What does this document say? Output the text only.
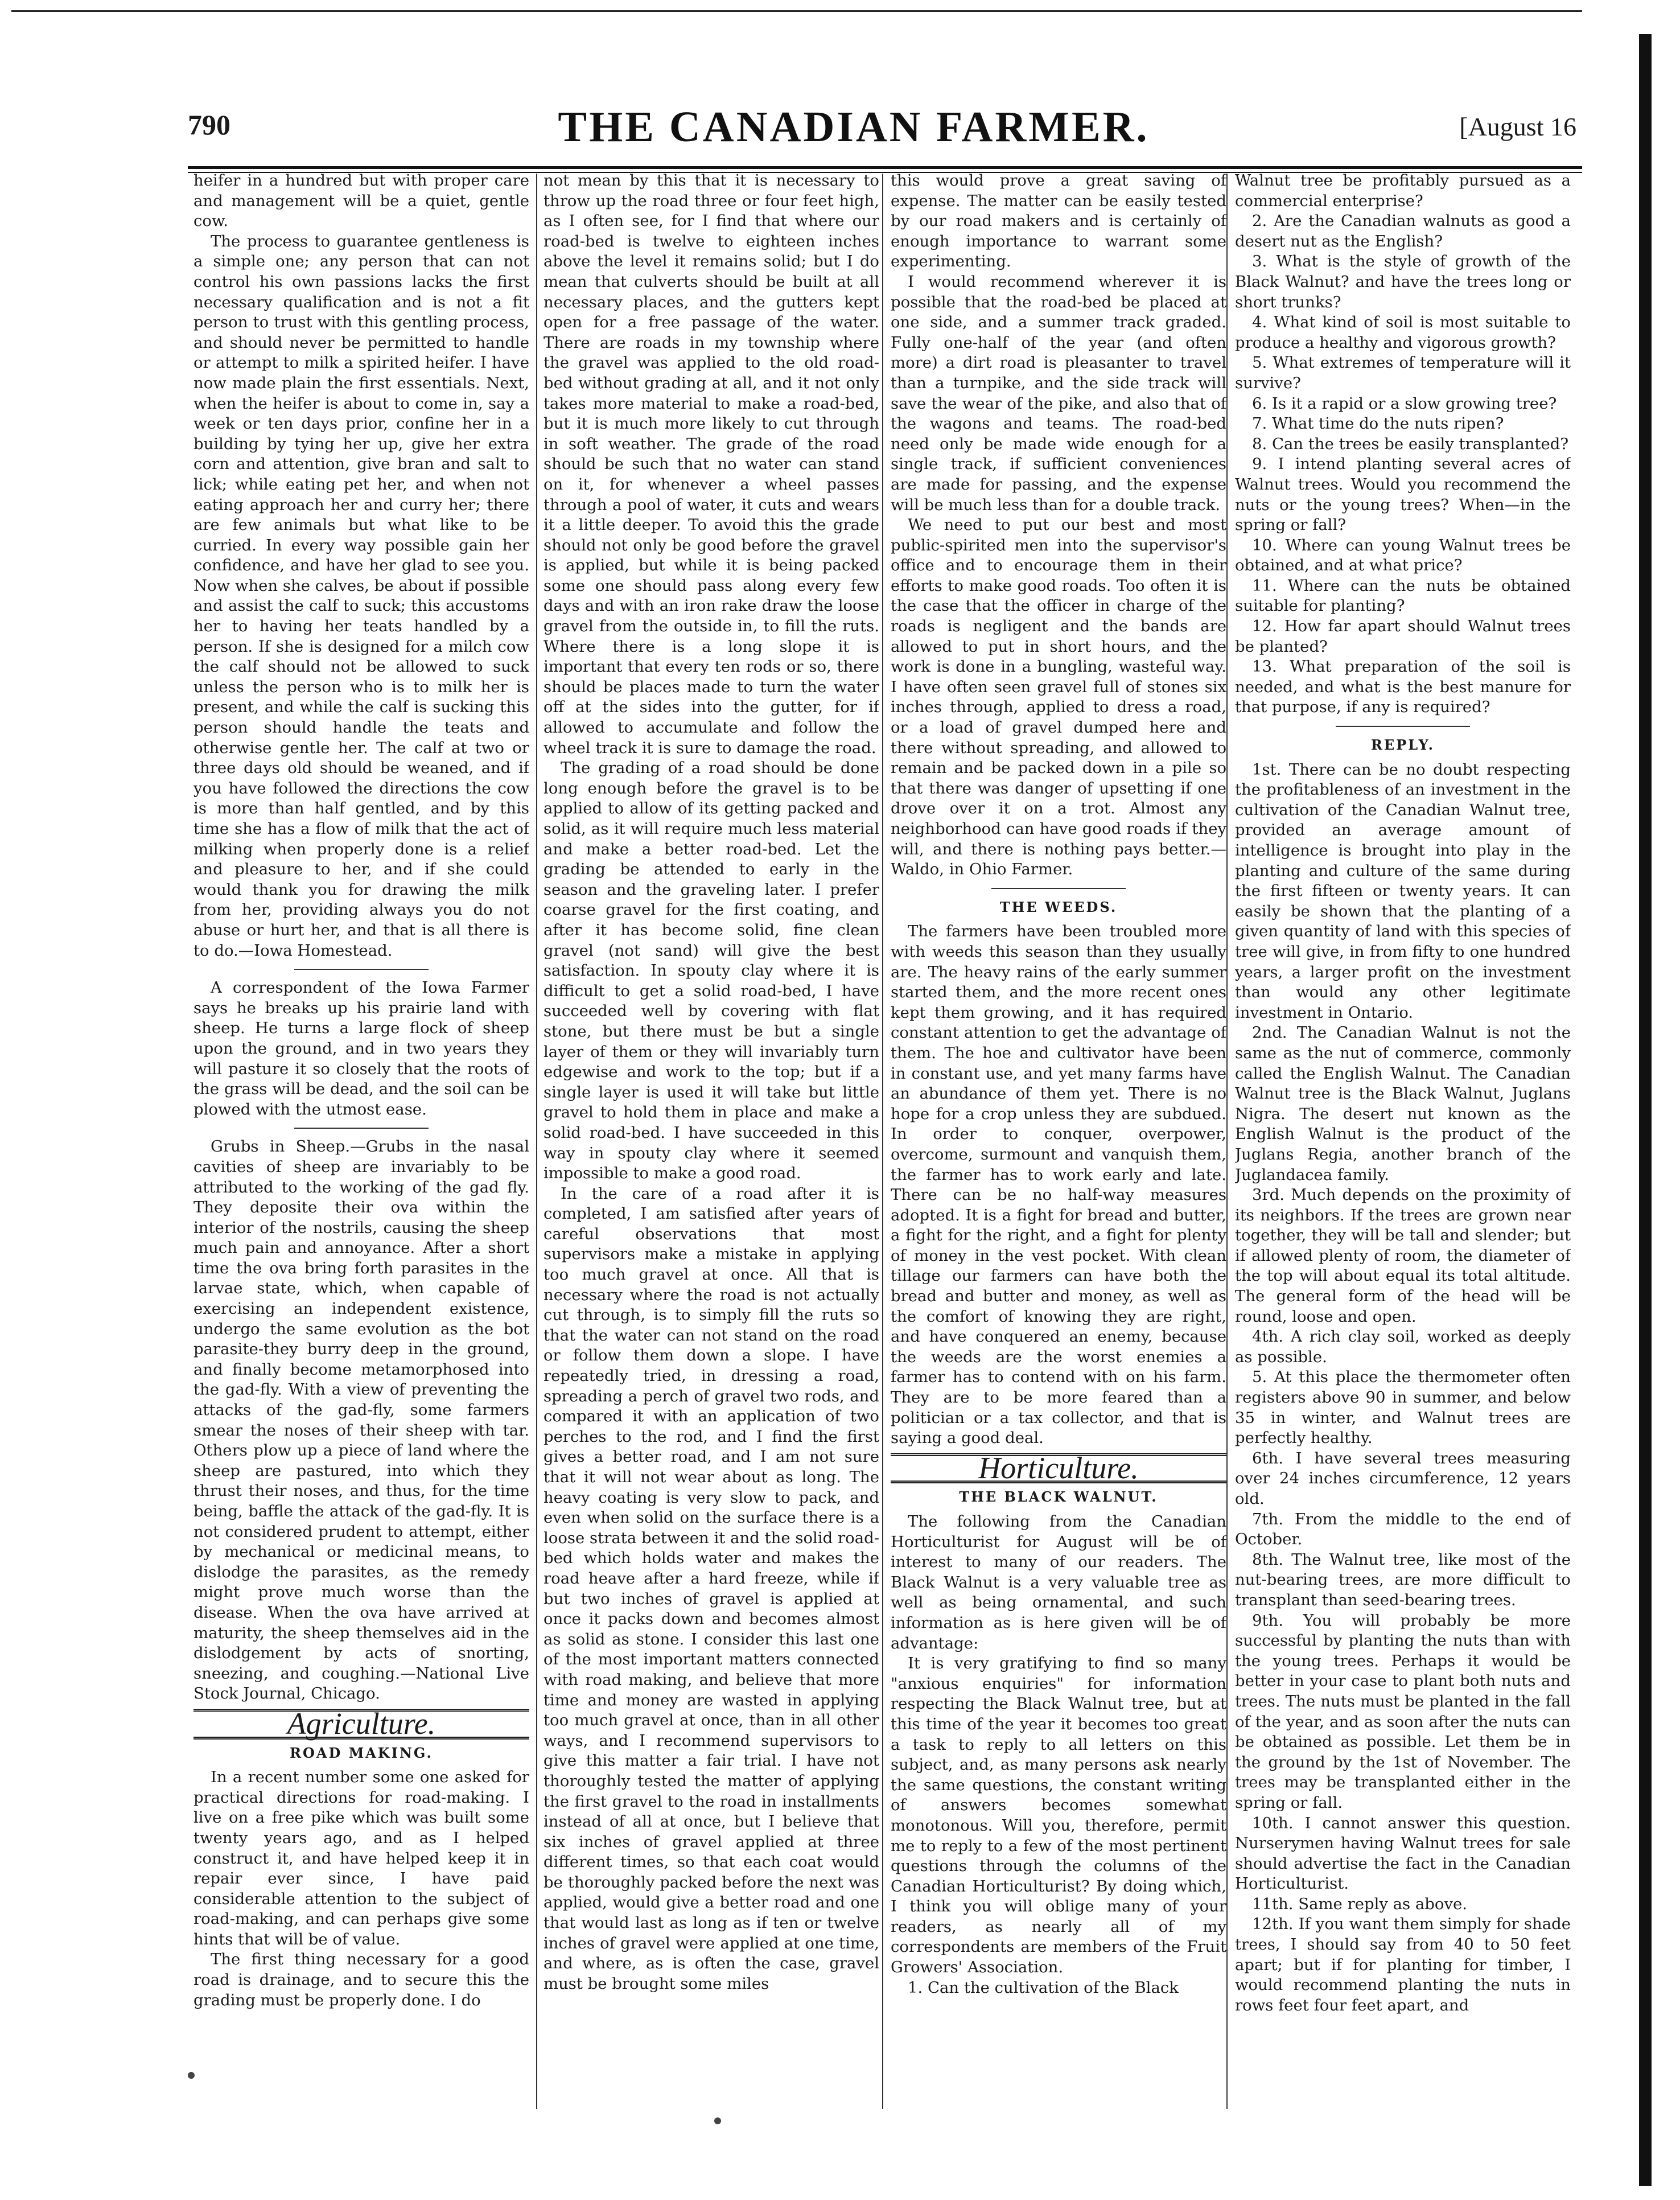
790	THE CANADIAN FARMER.	[August 16

heifer in a hundred but with proper care and management will be a quiet, gentle cow.

The process to guarantee gentleness is a simple one; any person that can not control his own passions lacks the first necessary qualification and is not a fit person to trust with this gentling process, and should never be permitted to handle or attempt to milk a spirited heifer. I have now made plain the first essentials. Next, when the heifer is about to come in, say a week or ten days prior, confine her in a building by tying her up, give her extra corn and attention, give bran and salt to lick; while eating pet her, and when not eating approach her and curry her; there are few animals but what like to be curried. In every way possible gain her confidence, and have her glad to see you. Now when she calves, be about if possible and assist the calf to suck; this accustoms her to having her teats handled by a person. If she is designed for a milch cow the calf should not be allowed to suck unless the person who is to milk her is present, and while the calf is sucking this person should handle the teats and otherwise gentle her. The calf at two or three days old should be weaned, and if you have followed the directions the cow is more than half gentled, and by this time she has a flow of milk that the act of milking when properly done is a relief and pleasure to her, and if she could would thank you for drawing the milk from her, providing always you do not abuse or hurt her, and that is all there is to do.—Iowa Homestead.

A correspondent of the Iowa Farmer says he breaks up his prairie land with sheep. He turns a large flock of sheep upon the ground, and in two years they will pasture it so closely that the roots of the grass will be dead, and the soil can be plowed with the utmost ease.

Grubs in Sheep.—Grubs in the nasal cavities of sheep are invariably to be attributed to the working of the gad fly. They deposite their ova within the interior of the nostrils, causing the sheep much pain and annoyance. After a short time the ova bring forth parasites in the larvae state, which, when capable of exercising an independent existence, undergo the same evolution as the bot parasite-they burry deep in the ground, and finally become metamorphosed into the gad-fly. With a view of preventing the attacks of the gad-fly, some farmers smear the noses of their sheep with tar. Others plow up a piece of land where the sheep are pastured, into which they thrust their noses, and thus, for the time being, baffle the attack of the gad-fly. It is not considered prudent to attempt, either by mechanical or medicinal means, to dislodge the parasites, as the remedy might prove much worse than the disease. When the ova have arrived at maturity, the sheep themselves aid in the dislodgement by acts of snorting, sneezing, and coughing.—National Live Stock Journal, Chicago.

Agriculture.
ROAD MAKING.

In a recent number some one asked for practical directions for road-making. I live on a free pike which was built some twenty years ago, and as I helped construct it, and have helped keep it in repair ever since, I have paid considerable attention to the subject of road-making, and can perhaps give some hints that will be of value.

The first thing necessary for a good road is drainage, and to secure this the grading must be properly done. I do

not mean by this that it is necessary to throw up the road three or four feet high, as I often see, for I find that where our road-bed is twelve to eighteen inches above the level it remains solid; but I do mean that culverts should be built at all necessary places, and the gutters kept open for a free passage of the water. There are roads in my township where the gravel was applied to the old road-bed without grading at all, and it not only takes more material to make a road-bed, but it is much more likely to cut through in soft weather. The grade of the road should be such that no water can stand on it, for whenever a wheel passes through a pool of water, it cuts and wears it a little deeper. To avoid this the grade should not only be good before the gravel is applied, but while it is being packed some one should pass along every few days and with an iron rake draw the loose gravel from the outside in, to fill the ruts. Where there is a long slope it is important that every ten rods or so, there should be places made to turn the water off at the sides into the gutter, for if allowed to accumulate and follow the wheel track it is sure to damage the road.

The grading of a road should be done long enough before the gravel is to be applied to allow of its getting packed and solid, as it will require much less material and make a better road-bed. Let the grading be attended to early in the season and the graveling later. I prefer coarse gravel for the first coating, and after it has become solid, fine clean gravel (not sand) will give the best satisfaction. In spouty clay where it is difficult to get a solid road-bed, I have succeeded well by covering with flat stone, but there must be but a single layer of them or they will invariably turn edgewise and work to the top; but if a single layer is used it will take but little gravel to hold them in place and make a solid road-bed. I have succeeded in this way in spouty clay where it seemed impossible to make a good road.

In the care of a road after it is completed, I am satisfied after years of careful observations that most supervisors make a mistake in applying too much gravel at once. All that is necessary where the road is not actually cut through, is to simply fill the ruts so that the water can not stand on the road or follow them down a slope. I have repeatedly tried, in dressing a road, spreading a perch of gravel two rods, and compared it with an application of two perches to the rod, and I find the first gives a better road, and I am not sure that it will not wear about as long. The heavy coating is very slow to pack, and even when solid on the surface there is a loose strata between it and the solid road-bed which holds water and makes the road heave after a hard freeze, while if but two inches of gravel is applied at once it packs down and becomes almost as solid as stone. I consider this last one of the most important matters connected with road making, and believe that more time and money are wasted in applying too much gravel at once, than in all other ways, and I recommend supervisors to give this matter a fair trial. I have not thoroughly tested the matter of applying the first gravel to the road in installments instead of all at once, but I believe that six inches of gravel applied at three different times, so that each coat would be thoroughly packed before the next was applied, would give a better road and one that would last as long as if ten or twelve inches of gravel were applied at one time, and where, as is often the case, gravel must be brought some miles

this would prove a great saving of expense. The matter can be easily tested by our road makers and is certainly of enough importance to warrant some experimenting.

I would recommend wherever it is possible that the road-bed be placed at one side, and a summer track graded. Fully one-half of the year (and often more) a dirt road is pleasanter to travel than a turnpike, and the side track will save the wear of the pike, and also that of the wagons and teams. The road-bed need only be made wide enough for a single track, if sufficient conveniences are made for passing, and the expense will be much less than for a double track.

We need to put our best and most public-spirited men into the supervisor's office and to encourage them in their efforts to make good roads. Too often it is the case that the officer in charge of the roads is negligent and the bands are allowed to put in short hours, and the work is done in a bungling, wasteful way. I have often seen gravel full of stones six inches through, applied to dress a road, or a load of gravel dumped here and there without spreading, and allowed to remain and be packed down in a pile so that there was danger of upsetting if one drove over it on a trot. Almost any neighborhood can have good roads if they will, and there is nothing pays better.—Waldo, in Ohio Farmer.

THE WEEDS.

The farmers have been troubled more with weeds this season than they usually are. The heavy rains of the early summer started them, and the more recent ones kept them growing, and it has required constant attention to get the advantage of them. The hoe and cultivator have been in constant use, and yet many farms have an abundance of them yet. There is no hope for a crop unless they are subdued. In order to conquer, overpower, overcome, surmount and vanquish them, the farmer has to work early and late. There can be no half-way measures adopted. It is a fight for bread and butter, a fight for the right, and a fight for plenty of money in the vest pocket. With clean tillage our farmers can have both the bread and butter and money, as well as the comfort of knowing they are right, and have conquered an enemy, because the weeds are the worst enemies a farmer has to contend with on his farm. They are to be more feared than a politician or a tax collector, and that is saying a good deal.

Horticulture.
THE BLACK WALNUT.

The following from the Canadian Horticulturist for August will be of interest to many of our readers. The Black Walnut is a very valuable tree as well as being ornamental, and such information as is here given will be of advantage:

It is very gratifying to find so many "anxious enquiries" for information respecting the Black Walnut tree, but at this time of the year it becomes too great a task to reply to all letters on this subject, and, as many persons ask nearly the same questions, the constant writing of answers becomes somewhat monotonous. Will you, therefore, permit me to reply to a few of the most pertinent questions through the columns of the Canadian Horticulturist? By doing which, I think you will oblige many of your readers, as nearly all of my correspondents are members of the Fruit Growers' Association.

1. Can the cultivation of the Black

Walnut tree be profitably pursued as a commercial enterprise?

2. Are the Canadian walnuts as good a desert nut as the English?

3. What is the style of growth of the Black Walnut? and have the trees long or short trunks?

4. What kind of soil is most suitable to produce a healthy and vigorous growth?

5. What extremes of temperature will it survive?

6. Is it a rapid or a slow growing tree?

7. What time do the nuts ripen?

8. Can the trees be easily transplanted?

9. I intend planting several acres of Walnut trees. Would you recommend the nuts or the young trees? When—in the spring or fall?

10. Where can young Walnut trees be obtained, and at what price?

11. Where can the nuts be obtained suitable for planting?

12. How far apart should Walnut trees be planted?

13. What preparation of the soil is needed, and what is the best manure for that purpose, if any is required?

REPLY.

1st. There can be no doubt respecting the profitableness of an investment in the cultivation of the Canadian Walnut tree, provided an average amount of intelligence is brought into play in the planting and culture of the same during the first fifteen or twenty years. It can easily be shown that the planting of a given quantity of land with this species of tree will give, in from fifty to one hundred years, a larger profit on the investment than would any other legitimate investment in Ontario.

2nd. The Canadian Walnut is not the same as the nut of commerce, commonly called the English Walnut. The Canadian Walnut tree is the Black Walnut, Juglans Nigra. The desert nut known as the English Walnut is the product of the Juglans Regia, another branch of the Juglandacea family.

3rd. Much depends on the proximity of its neighbors. If the trees are grown near together, they will be tall and slender; but if allowed plenty of room, the diameter of the top will about equal its total altitude. The general form of the head will be round, loose and open.

4th. A rich clay soil, worked as deeply as possible.

5. At this place the thermometer often registers above 90 in summer, and below 35 in winter, and Walnut trees are perfectly healthy.

6th. I have several trees measuring over 24 inches circumference, 12 years old.

7th. From the middle to the end of October.

8th. The Walnut tree, like most of the nut-bearing trees, are more difficult to transplant than seed-bearing trees.

9th. You will probably be more successful by planting the nuts than with the young trees. Perhaps it would be better in your case to plant both nuts and trees. The nuts must be planted in the fall of the year, and as soon after the nuts can be obtained as possible. Let them be in the ground by the 1st of November. The trees may be transplanted either in the spring or fall.

10th. I cannot answer this question. Nurserymen having Walnut trees for sale should advertise the fact in the Canadian Horticulturist.

11th. Same reply as above.

12th. If you want them simply for shade trees, I should say from 40 to 50 feet apart; but if for planting for timber, I would recommend planting the nuts in rows feet four feet apart, and
